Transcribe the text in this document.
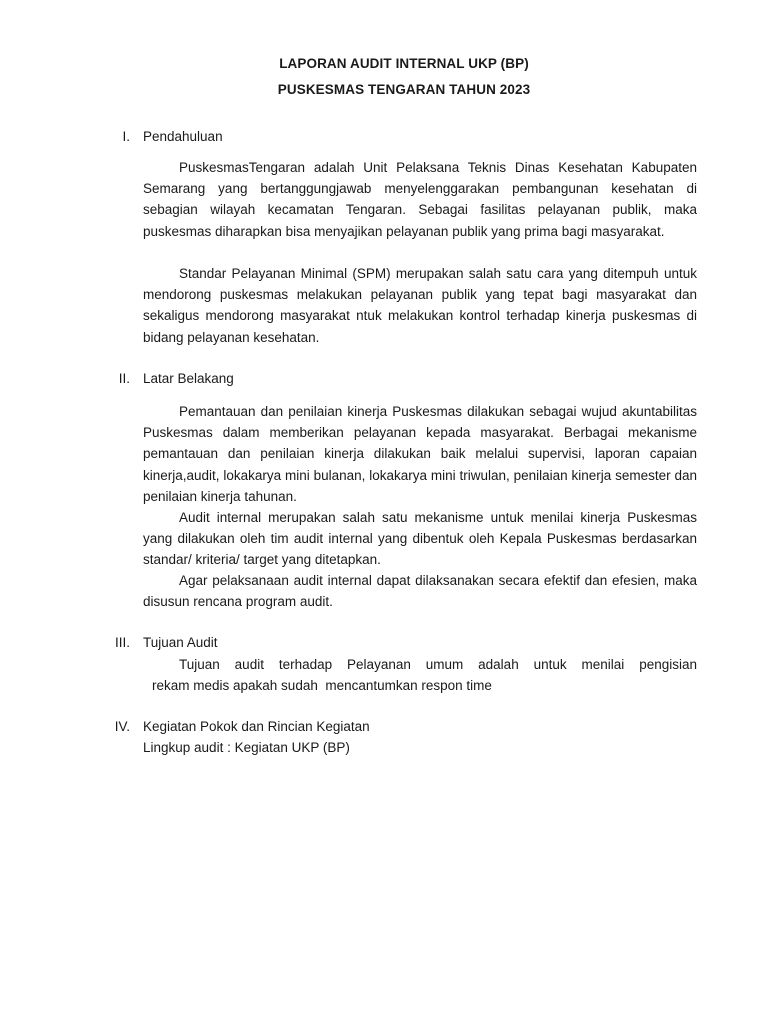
LAPORAN AUDIT INTERNAL UKP (BP)
PUSKESMAS TENGARAN TAHUN 2023
I. Pendahuluan

PuskesmasTengaran adalah Unit Pelaksana Teknis Dinas Kesehatan Kabupaten Semarang yang bertanggungjawab menyelenggarakan pembangunan kesehatan di sebagian wilayah kecamatan Tengaran. Sebagai fasilitas pelayanan publik, maka puskesmas diharapkan bisa menyajikan pelayanan publik yang prima bagi masyarakat.

Standar Pelayanan Minimal (SPM) merupakan salah satu cara yang ditempuh untuk mendorong puskesmas melakukan pelayanan publik yang tepat bagi masyarakat dan sekaligus mendorong masyarakat ntuk melakukan kontrol terhadap kinerja puskesmas di bidang pelayanan kesehatan.

II. Latar Belakang

Pemantauan dan penilaian kinerja Puskesmas dilakukan sebagai wujud akuntabilitas Puskesmas dalam memberikan pelayanan kepada masyarakat. Berbagai mekanisme pemantauan dan penilaian kinerja dilakukan baik melalui supervisi, laporan capaian kinerja,audit, lokakarya mini bulanan, lokakarya mini triwulan, penilaian kinerja semester dan penilaian kinerja tahunan.

Audit internal merupakan salah satu mekanisme untuk menilai kinerja Puskesmas yang dilakukan oleh tim audit internal yang dibentuk oleh Kepala Puskesmas berdasarkan standar/ kriteria/ target yang ditetapkan.

Agar pelaksanaan audit internal dapat dilaksanakan secara efektif dan efesien, maka disusun rencana program audit.

III. Tujuan Audit

Tujuan audit terhadap Pelayanan umum adalah untuk menilai pengisian

rekam medis apakah sudah  mencantumkan respon time

IV. Kegiatan Pokok dan Rincian Kegiatan

Lingkup audit : Kegiatan UKP (BP)
